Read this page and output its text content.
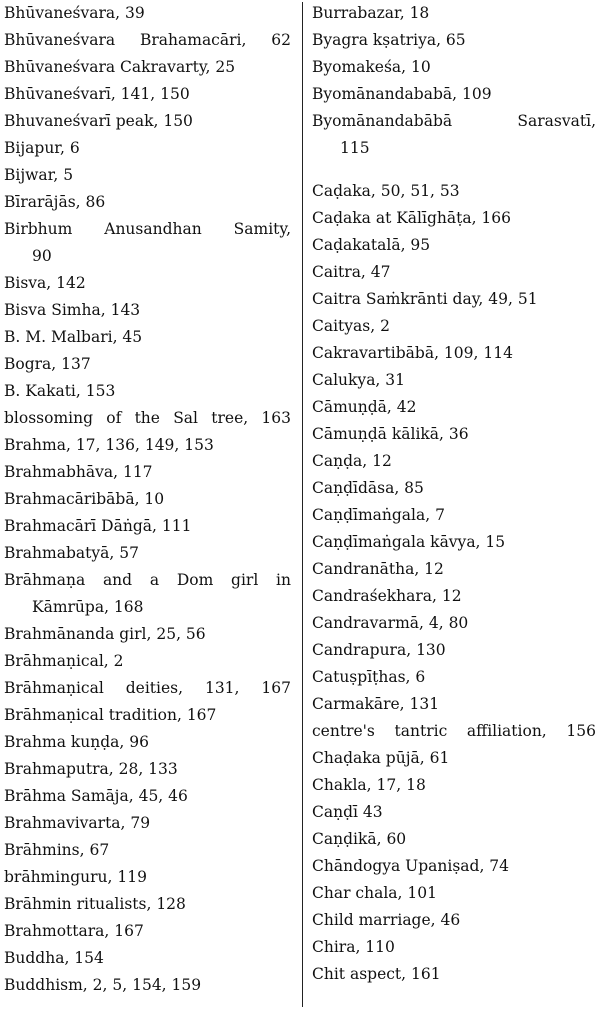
Bhūvaneśvara, 39
Bhūvaneśvara Brahamacāri, 62
Bhūvaneśvara Cakravarty, 25
Bhūvaneśvarī, 141, 150
Bhuvaneśvarī peak, 150
Bijapur, 6
Bijwar, 5
Bīrarājās, 86
Birbhum Anusandhan Samity,
90
Bisva, 142
Bisva Simha, 143
B. M. Malbari, 45
Bogra, 137
B. Kakati, 153
blossoming of the Sal tree, 163
Brahma, 17, 136, 149, 153
Brahmabhāva, 117
Brahmacāribābā, 10
Brahmacārī Dāṅgā, 111
Brahmabatyā, 57
Brāhmaṇa and a Dom girl in
Kāmrūpa, 168
Brahmānanda girl, 25, 56
Brāhmaṇical, 2
Brāhmaṇical deities, 131, 167
Brāhmaṇical tradition, 167
Brahma kuṇḍa, 96
Brahmaputra, 28, 133
Brāhma Samāja, 45, 46
Brahmavivarta, 79
Brāhmins, 67
brāhminguru, 119
Brāhmin ritualists, 128
Brahmottara, 167
Buddha, 154
Buddhism, 2, 5, 154, 159
Burrabazar, 18
Byagra kṣatriya, 65
Byomakeśa, 10
Byomānandababā, 109
Byomānandabābā Sarasvatī,
115
Caḍaka, 50, 51, 53
Caḍaka at Kālīghāṭa, 166
Caḍakatalā, 95
Caitra, 47
Caitra Saṁkrānti day, 49, 51
Caityas, 2
Cakravartibābā, 109, 114
Calukya, 31
Cāmuṇḍā, 42
Cāmuṇḍā kālikā, 36
Caṇḍa, 12
Caṇḍīdāsa, 85
Caṇḍīmaṅgala, 7
Caṇḍīmaṅgala kāvya, 15
Candranātha, 12
Candraśekhara, 12
Candravarmā, 4, 80
Candrapura, 130
Catuṣpīṭhas, 6
Carmakāre, 131
centre's tantric affiliation, 156
Chaḍaka pūjā, 61
Chakla, 17, 18
Caṇḍī 43
Caṇḍikā, 60
Chāndogya Upaniṣad, 74
Char chala, 101
Child marriage, 46
Chira, 110
Chit aspect, 161
